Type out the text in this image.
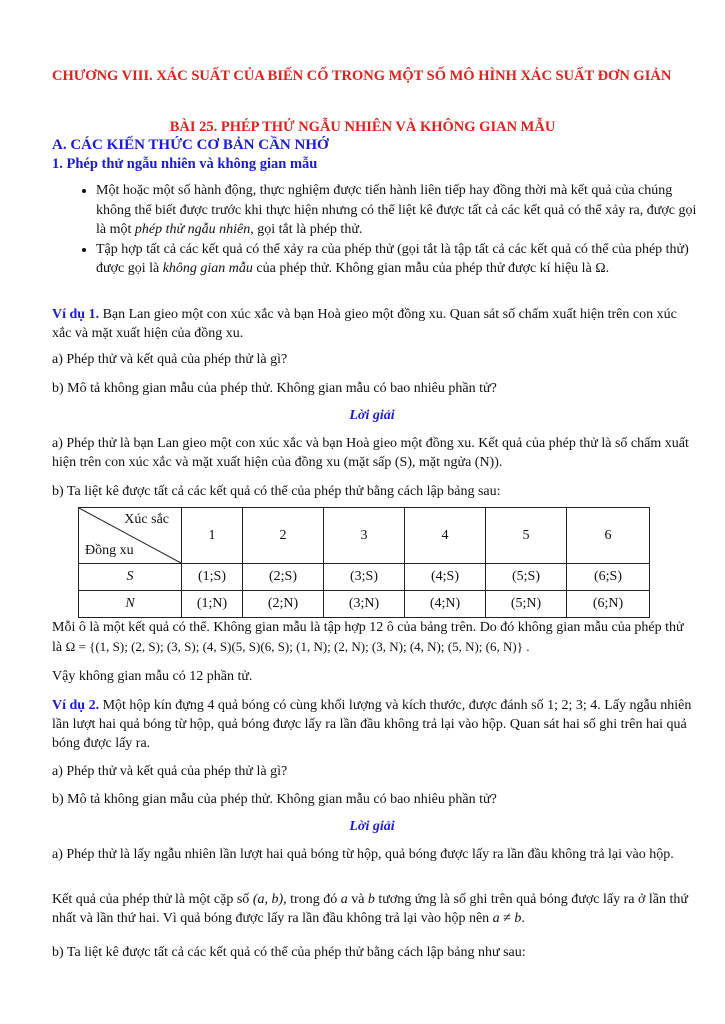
CHƯƠNG VIII. XÁC SUẤT CỦA BIẾN CỐ TRONG MỘT SỐ MÔ HÌNH XÁC SUẤT ĐƠN GIẢN
BÀI 25. PHÉP THỬ NGẪU NHIÊN VÀ KHÔNG GIAN MẪU
A. CÁC KIẾN THỨC CƠ BẢN CẦN NHỚ
1. Phép thử ngẫu nhiên và không gian mẫu
• Một hoặc một số hành động, thực nghiệm được tiến hành liên tiếp hay đồng thời mà kết quả của chúng không thể biết được trước khi thực hiện nhưng có thể liệt kê được tất cả các kết quả có thể xảy ra, được gọi là một phép thử ngẫu nhiên, gọi tắt là phép thử.
• Tập hợp tất cả các kết quả có thể xảy ra của phép thử (gọi tắt là tập tất cả các kết quả có thể của phép thử) được gọi là không gian mẫu của phép thử. Không gian mẫu của phép thử được kí hiệu là Ω.
Ví dụ 1. Bạn Lan gieo một con xúc xắc và bạn Hoà gieo một đồng xu. Quan sát số chấm xuất hiện trên con xúc xắc và mặt xuất hiện của đồng xu.
a) Phép thử và kết quả của phép thử là gì?
b) Mô tả không gian mẫu của phép thử. Không gian mẫu có bao nhiêu phần tử?
Lời giải
a) Phép thử là bạn Lan gieo một con xúc xắc và bạn Hoà gieo một đồng xu. Kết quả của phép thử là số chấm xuất hiện trên con xúc xắc và mặt xuất hiện của đồng xu (mặt sấp (S), mặt ngửa (N)).
b) Ta liệt kê được tất cả các kết quả có thể của phép thử bằng cách lập bảng sau:
Xúc sắc
Đồng xu	1	2	3	4	5	6
S	(1;S)	(2;S)	(3;S)	(4;S)	(5;S)	(6;S)
N	(1;N)	(2;N)	(3;N)	(4;N)	(5;N)	(6;N)
Mỗi ô là một kết quả có thể. Không gian mẫu là tập hợp 12 ô của bảng trên. Do đó không gian mẫu của phép thử là Ω = {(1, S); (2, S); (3, S); (4, S)(5, S)(6, S); (1, N); (2, N); (3, N); (4, N); (5, N); (6, N)} .
Vậy không gian mẫu có 12 phần tử.
Ví dụ 2. Một hộp kín đựng 4 quả bóng có cùng khối lượng và kích thước, được đánh số 1; 2; 3; 4. Lấy ngẫu nhiên lần lượt hai quả bóng từ hộp, quả bóng được lấy ra lần đầu không trả lại vào hộp. Quan sát hai số ghi trên hai quả bóng được lấy ra.
a) Phép thử và kết quả của phép thử là gì?
b) Mô tả không gian mẫu của phép thử. Không gian mẫu có bao nhiêu phần tử?
Lời giải
a) Phép thử là lấy ngẫu nhiên lần lượt hai quả bóng từ hộp, quả bóng được lấy ra lần đầu không trả lại vào hộp.
Kết quả của phép thử là một cặp số (a, b), trong đó a và b tương ứng là số ghi trên quả bóng được lấy ra ở lần thứ nhất và lần thứ hai. Vì quả bóng được lấy ra lần đầu không trả lại vào hộp nên a ≠ b.
b) Ta liệt kê được tất cả các kết quả có thể của phép thử bằng cách lập bảng như sau:
